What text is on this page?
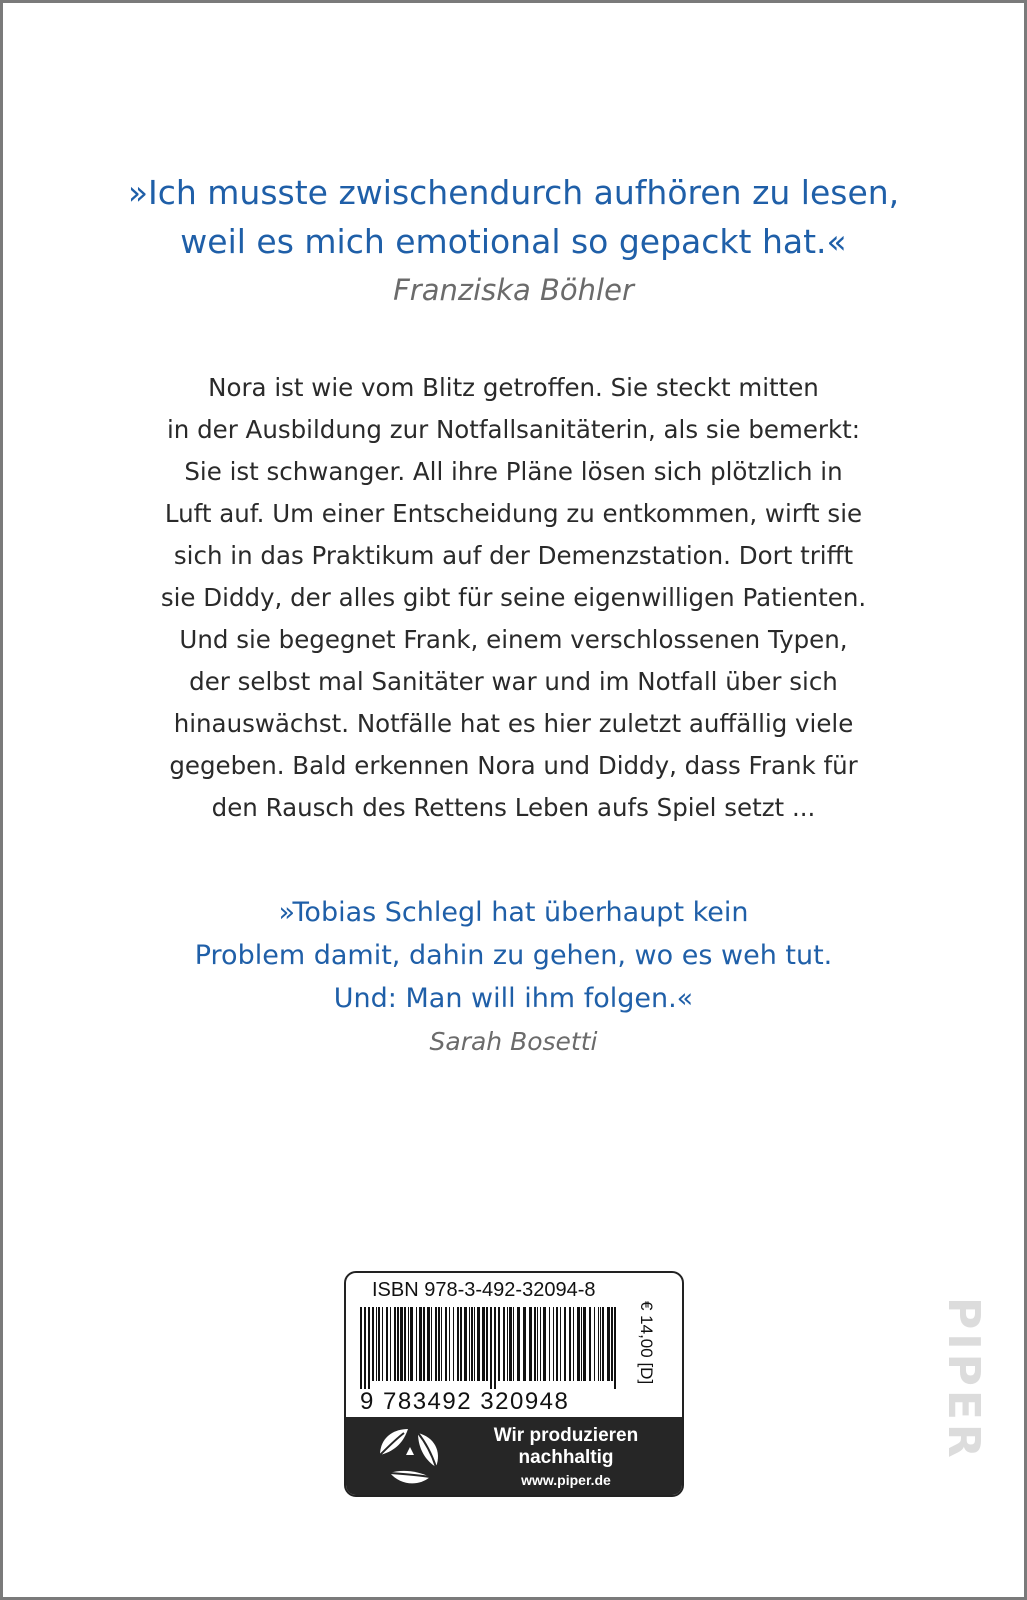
»Ich musste zwischendurch aufhören zu lesen,
weil es mich emotional so gepackt hat.«
Franziska Böhler
Nora ist wie vom Blitz getroffen. Sie steckt mitten
in der Ausbildung zur Notfallsanitäterin, als sie bemerkt:
Sie ist schwanger. All ihre Pläne lösen sich plötzlich in
Luft auf. Um einer Entscheidung zu entkommen, wirft sie
sich in das Praktikum auf der Demenzstation. Dort trifft
sie Diddy, der alles gibt für seine eigenwilligen Patienten.
Und sie begegnet Frank, einem verschlossenen Typen,
der selbst mal Sanitäter war und im Notfall über sich
hinauswächst. Notfälle hat es hier zuletzt auffällig viele
gegeben. Bald erkennen Nora und Diddy, dass Frank für
den Rausch des Rettens Leben aufs Spiel setzt ...
»Tobias Schlegl hat überhaupt kein
Problem damit, dahin zu gehen, wo es weh tut.
Und: Man will ihm folgen.«
Sarah Bosetti
ISBN 978-3-492-32094-8
9 783492 320948
€ 14,00 [D]
Wir produzieren
nachhaltig
www.piper.de
PIPER
